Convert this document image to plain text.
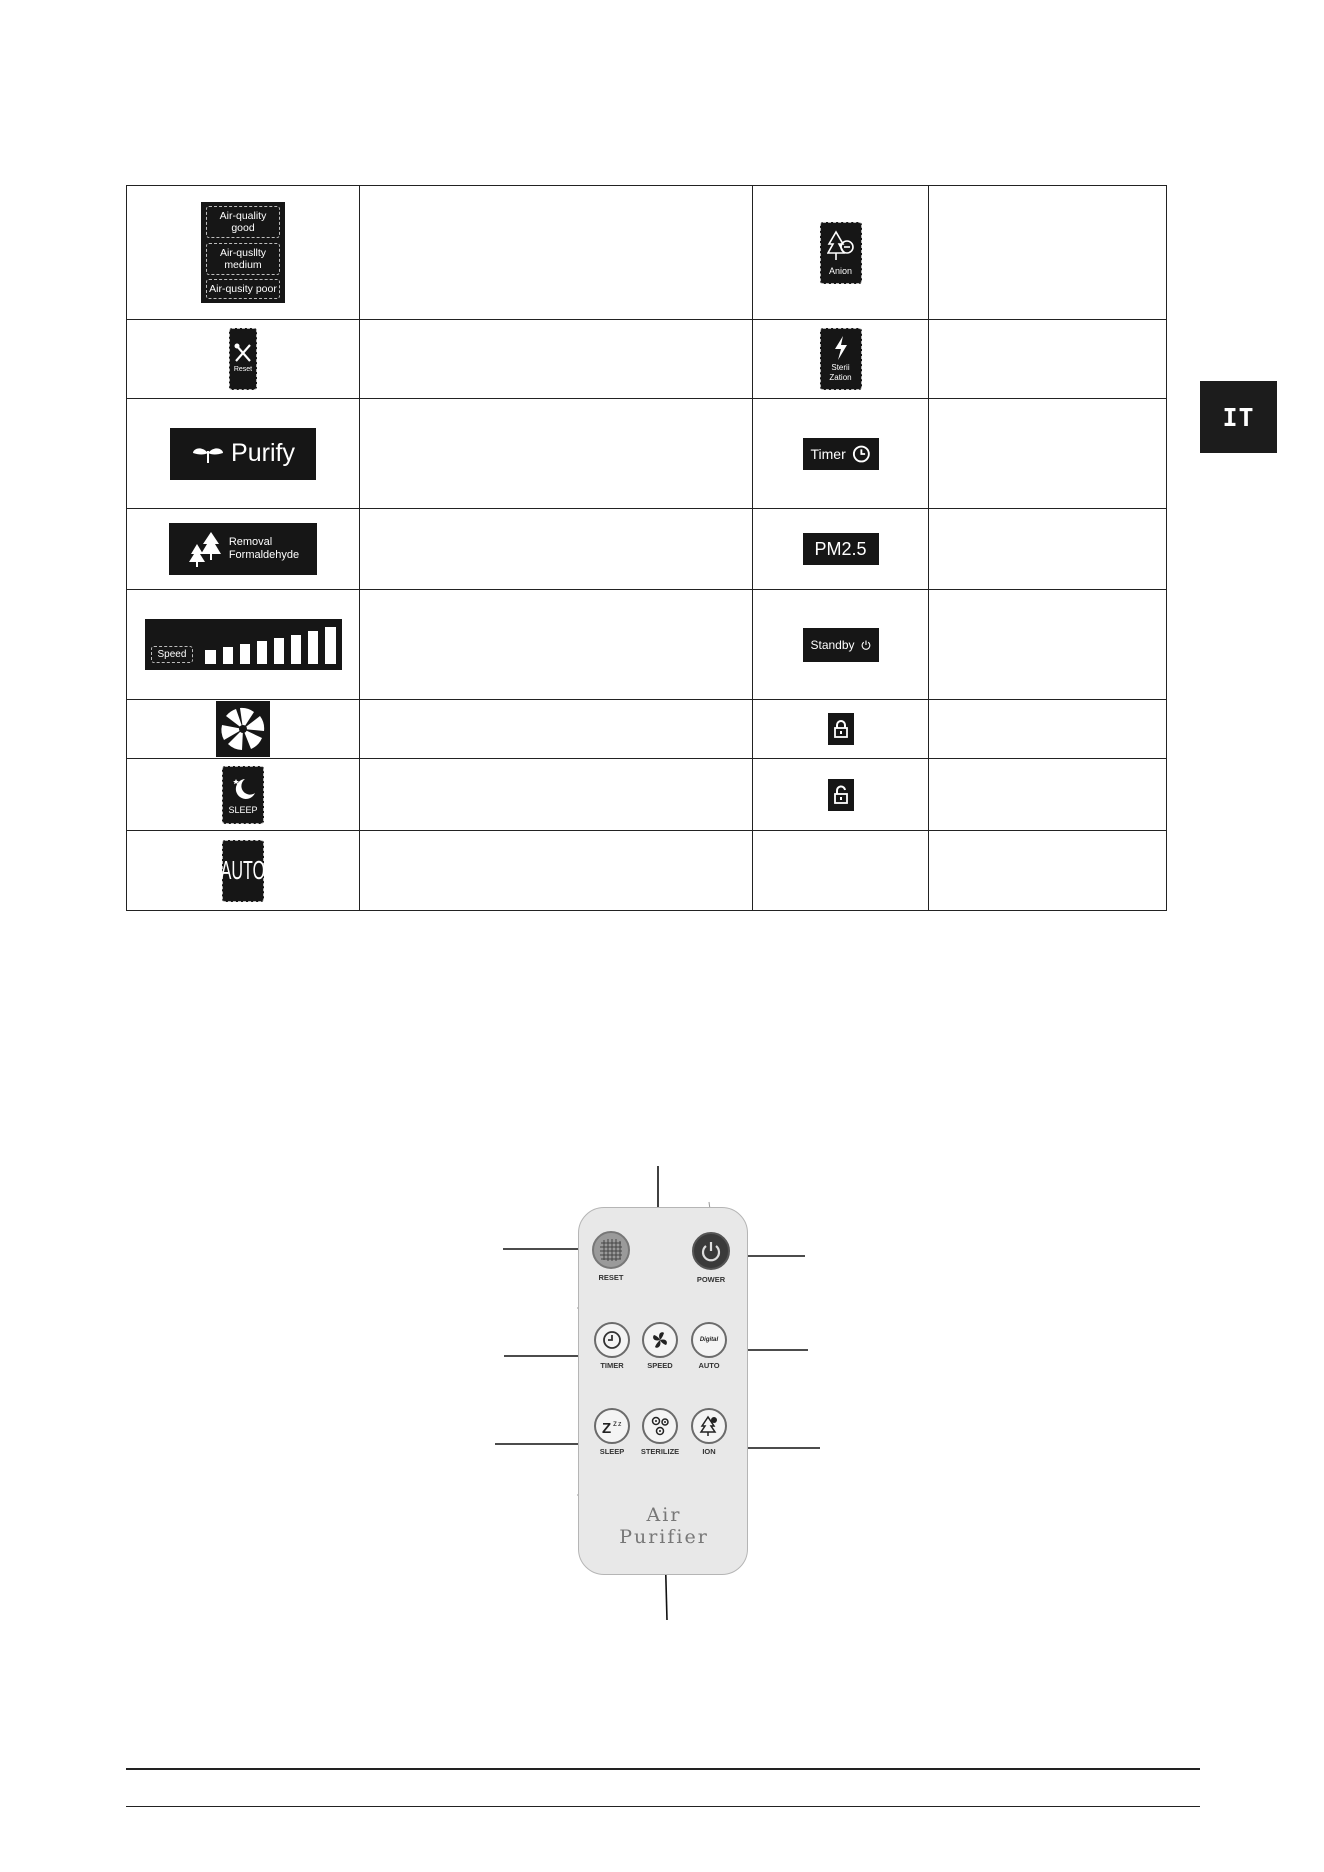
IT
Air-quality good
Air-qusllty medium
Air-qusity poor		Anion	

Reset		Sterii
Zation	

Purify		Timer	

Removal
Formaldehyde		PM2.5	

Speed		Standby	

SLEEP

AUTO			

RESET	POWER
TIMER	SPEED
Digital
AUTO
Z z z
SLEEP	STERILIZE	ION
Air Purifier
